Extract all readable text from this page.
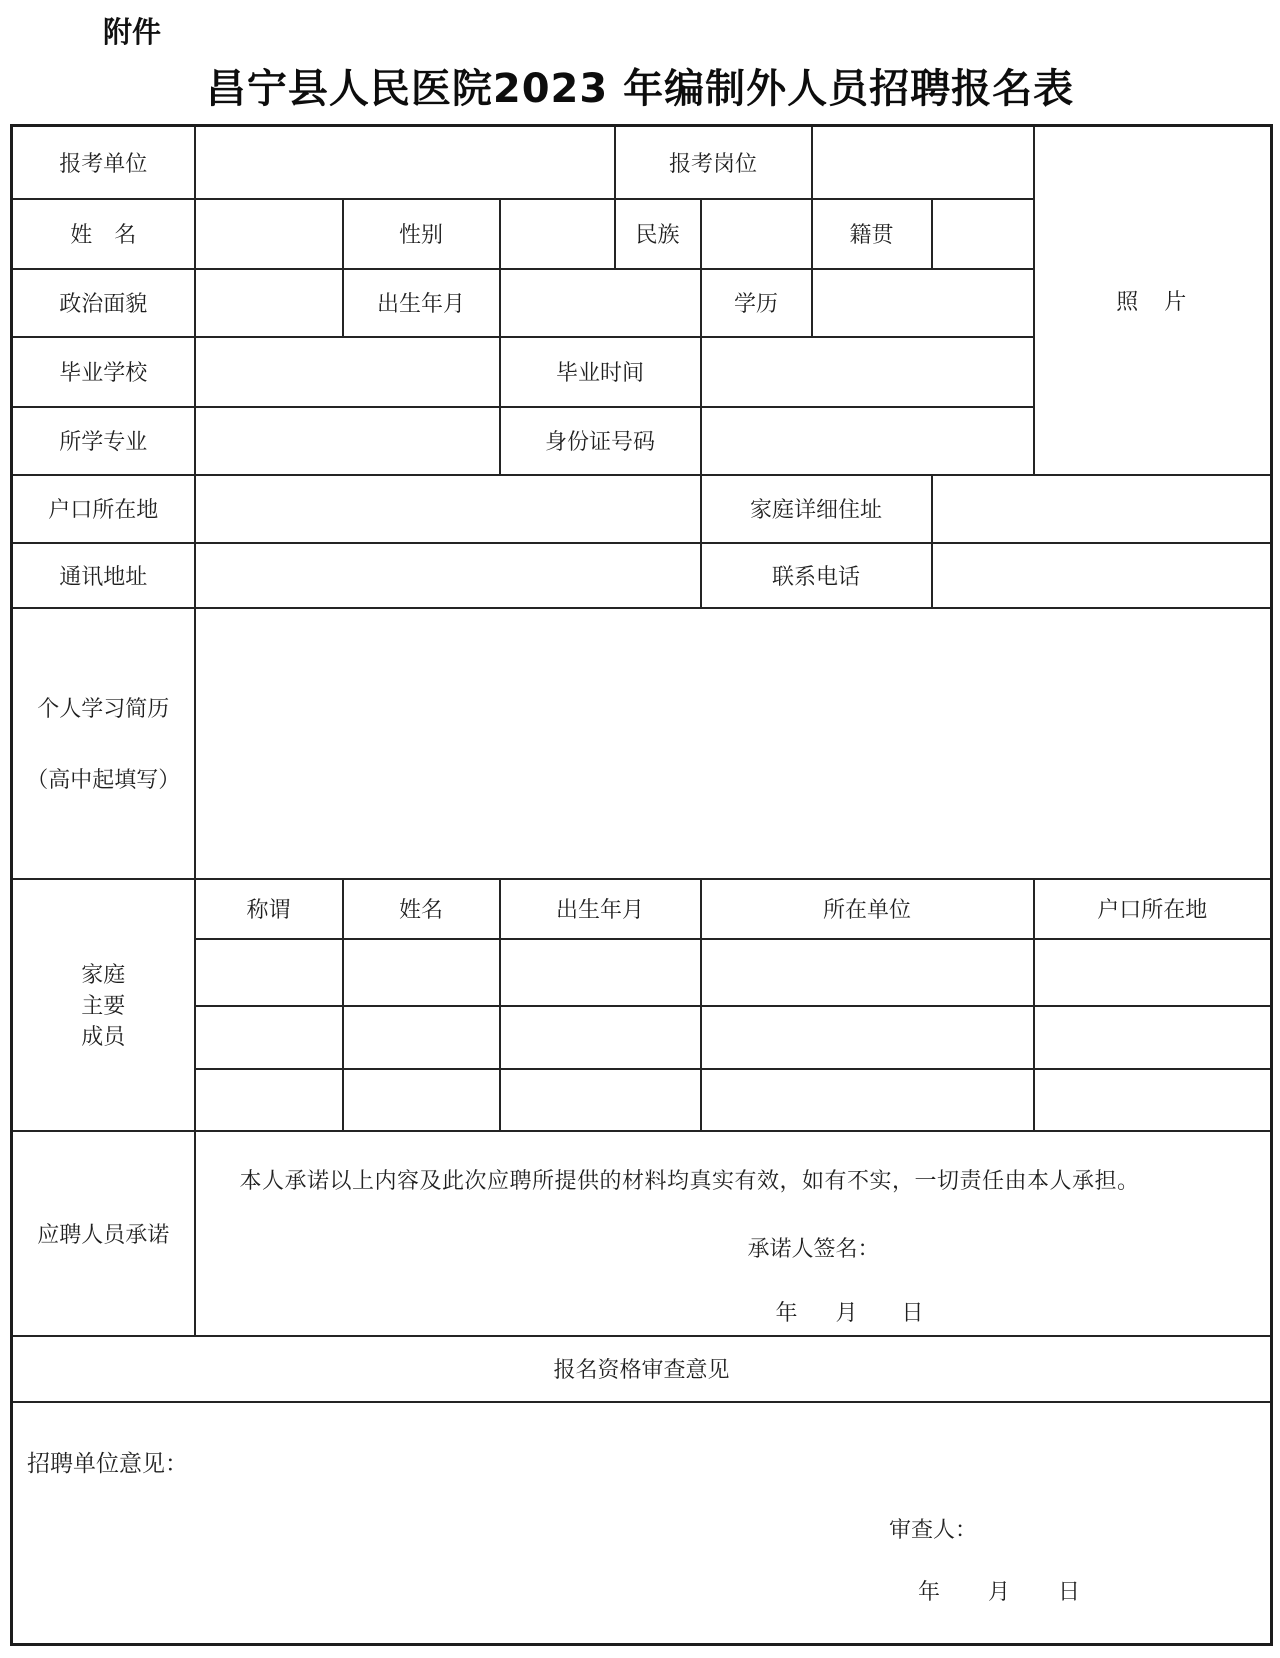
附件
昌宁县人民医院2023 年编制外人员招聘报名表
报考单位				报考岗位				照　片
姓　名		性别		民族		籍贯		
政治面貌		出生年月			学历			
毕业学校			毕业时间					
所学专业			身份证号码					
户口所在地					家庭详细住址			
通讯地址					联系电话			

个人学习简历
（高中起填写）								

家庭
主要
成员	称谓	姓名	出生年月		所在单位			户口所在地

应聘人员承诺	本人承诺以上内容及此次应聘所提供的材料均真实有效，如有不实，一切责任由本人承担。
承诺人签名：
年 月 日							

报名资格审查意见								

招聘单位意见：
审查人：
年 月 日								
